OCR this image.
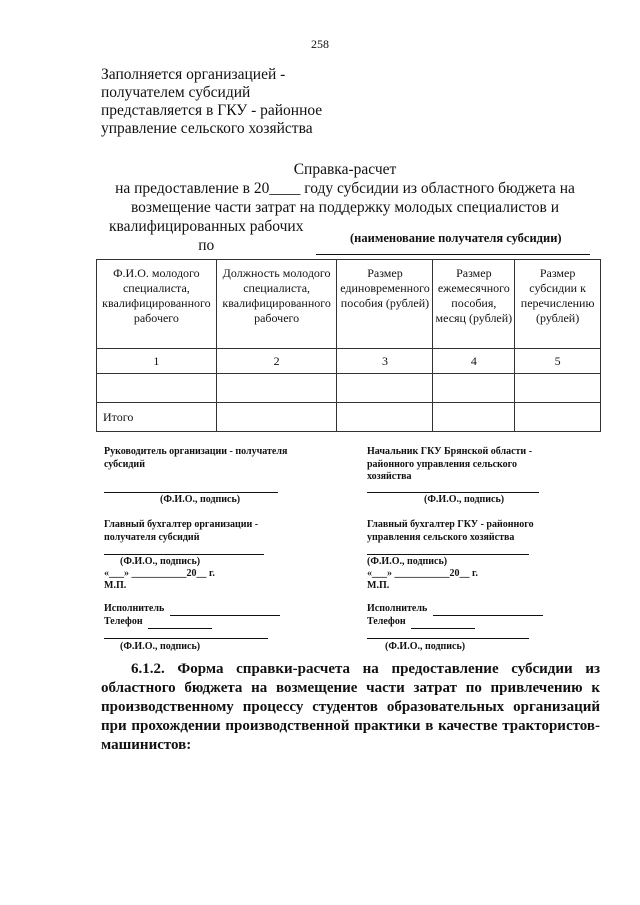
258
Заполняется организацией -
получателем субсидий
представляется в ГКУ - районное
управление сельского хозяйства
Справка-расчет
на предоставление в 20____ году субсидии из областного бюджета на
возмещение части затрат на поддержку молодых специалистов и
квалифицированных рабочих по	(наименование получателя субсидии)
Ф.И.О. молодого специалиста, квалифицированного рабочего	Должность молодого специалиста, квалифицированного рабочего	Размер единовременного пособия (рублей)	Размер ежемесячного пособия, месяц (рублей)	Размер субсидии к перечислению (рублей)
1	2	3	4	5

Итого				
Руководитель организации - получателя субсидий
(Ф.И.О., подпись)
Главный бухгалтер организации - получателя субсидий
(Ф.И.О., подпись)
«___» ___________20__ г.
М.П.
Исполнитель
Телефон
(Ф.И.О., подпись)
Начальник ГКУ Брянской области - районного управления сельского хозяйства
(Ф.И.О., подпись)
Главный бухгалтер ГКУ - районного управления сельского хозяйства
(Ф.И.О., подпись)
«___» ___________20__ г.
М.П.
Исполнитель
Телефон
(Ф.И.О., подпись)

6.1.2. Форма справки-расчета на предоставление субсидии из областного бюджета на возмещение части затрат по привлечению к производственному процессу студентов образовательных организаций при прохождении производственной практики в качестве трактористов-машинистов:
